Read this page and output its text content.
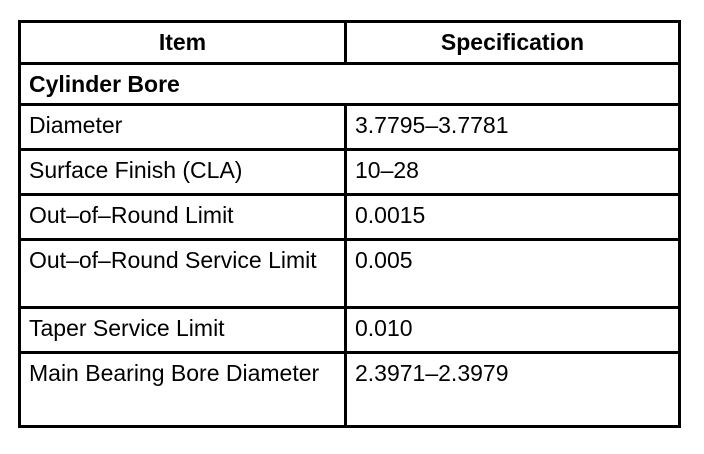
Item	Specification
Cylinder Bore	
Diameter	3.7795–3.7781
Surface Finish (CLA)	10–28
Out–of–Round Limit	0.0015
Out–of–Round Service Limit	0.005
Taper Service Limit	0.010
Main Bearing Bore Diameter	2.3971–2.3979
